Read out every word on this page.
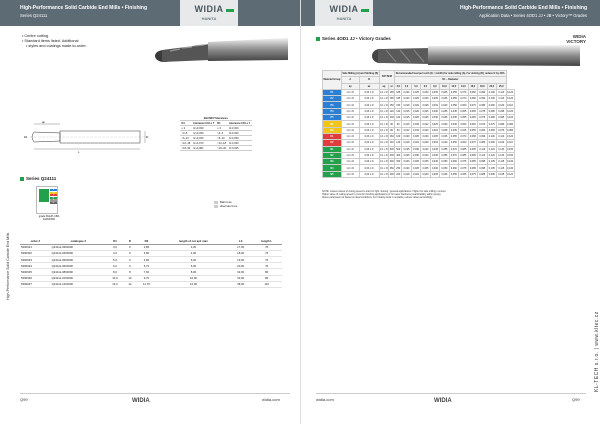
High-Performance Solid Carbide End Mills • Finishing
Series Q24111
WIDIA
HANITA
High-Performance Solid Carbide End Mills
• Centre cutting.
• Standard items listed. Additional
• styles and coatings made-to-order.
L
ap
D
D1
Ball Mill Tolerances			
D1	tolerance h10 e 7	D1	tolerance h10 e 7
≤ 3	0/+0,030	≤ 3	0/-0,020
>3–6	0/+0,030	>3–6	0/-0,030
>6–10	0/+0,030	>6–10	0/-0,030
>10–18	0/+0,070	>10–18	0/-0,030
>18–30	0/+0,084	>18–30	0/-0,035
Series Q24111
P
M
K
N
S
H
grade 8GHP-CBA DIAMOND
Ball-nose
alternate bore
order #	catalogue #	D1	D	D3	length of cut ap1 max	L3	length L
5390931	Q24111-0300000	3,0	6	2,85	3,30	17,00	76
5390932	Q24111-0400000	4,0	6	3,80	4,00	18,00	76
5390933	Q24111-0500000	5,0	6	4,80	5,00	19,00	76
5390934	Q24111-0600000	6,0	6	5,70	6,30	20,00	76
5390935	Q24111-0800000	8,0	8	7,60	8,00	32,00	86
5390936	Q24111-1000000	10,0	10	9,70	10,00	32,00	86
5390937	Q24111-1200000	12,0	12	11,70	12,00	38,00	110
Q99	WIDIA	widia.com
WIDIA
HANITA
High-Performance Solid Carbide End Mills • Finishing
Application Data • Series 4OD1 JJ • JB • Victory™ Grades
KL-TECH s.r.o. | www.kltec.cz
Series 4OD1 JJ • Victory Grades	WIDIA VICTORY
Material Group	Side Milling (A) and Slotting (B)		N:P:SFM		Recommended feed per tooth (fz = mm/th) for side milling (A). For slotting (B), reduce fz by 20%.												
	A	B			D1 – Diameter												
	ap	ae	ap	vc	3,0	4,0	5,0	6,0	8,0	10,0	12,0	14,0	16,0	18,0	20,0	25,0	
P1	1,0 x D	0,03 x D	0,1 x D	185	185	0,020	0,025	0,030	0,035	0,045	0,055	0,070	0,080	0,090	0,100	0,110	0,120
P2	1,0 x D	0,03 x D	0,1 x D	185	185	0,020	0,025	0,030	0,035	0,045	0,055	0,070	0,080	0,090	0,100	0,110	0,120
P3	1,0 x D	0,03 x D	0,1 x D	150	150	0,018	0,022	0,028	0,032	0,040	0,050	0,060	0,070	0,080	0,090	0,100	0,110
P4	1,0 x D	0,03 x D	0,1 x D	120	120	0,015	0,020	0,025	0,030	0,035	0,045	0,055	0,065	0,075	0,085	0,095	0,100
P5	1,0 x D	0,03 x D	0,1 x D	100	100	0,015	0,020	0,025	0,030	0,035	0,045	0,055	0,065	0,075	0,085	0,095	0,100
M1	1,0 x D	0,03 x D	0,1 x D	90	90	0,015	0,018	0,022	0,025	0,030	0,040	0,050	0,060	0,070	0,075	0,080	0,090
M2	1,0 x D	0,03 x D	0,1 x D	80	80	0,012	0,015	0,020	0,022	0,028	0,035	0,045	0,055	0,060	0,065	0,070	0,080
K1	1,0 x D	0,03 x D	0,1 x D	160	160	0,020	0,025	0,030	0,035	0,045	0,055	0,070	0,080	0,090	0,100	0,110	0,120
K2	1,0 x D	0,03 x D	0,1 x D	140	140	0,018	0,022	0,028	0,032	0,040	0,050	0,060	0,070	0,080	0,090	0,100	0,110
N1	1,0 x D	0,03 x D	0,1 x D	500	500	0,025	0,030	0,040	0,045	0,055	0,070	0,085	0,095	0,110	0,120	0,130	0,150
N2	1,0 x D	0,03 x D	0,1 x D	400	400	0,025	0,030	0,040	0,045	0,055	0,070	0,085	0,095	0,110	0,120	0,130	0,150
N3	1,0 x D	0,03 x D	0,1 x D	300	300	0,020	0,025	0,035	0,040	0,050	0,060	0,075	0,085	0,095	0,105	0,115	0,130
N4	1,0 x D	0,03 x D	0,1 x D	250	250	0,020	0,025	0,035	0,040	0,050	0,060	0,075	0,085	0,095	0,105	0,115	0,130
N5	1,0 x D	0,03 x D	0,1 x D	200	200	0,018	0,022	0,030	0,035	0,045	0,055	0,065	0,075	0,085	0,095	0,105	0,120
NOTE: Lowest values of cutting speed to start for light, slotting / general applications. Higher for side milling / contour.
Higher value of cutting speed to most for finishing applications or for lower hardness (machinability within group).
Above parameters at based on ideal conditions. For rotating tools in unstable, reduce values accordingly.
WIDIA
widia.com	Q99
